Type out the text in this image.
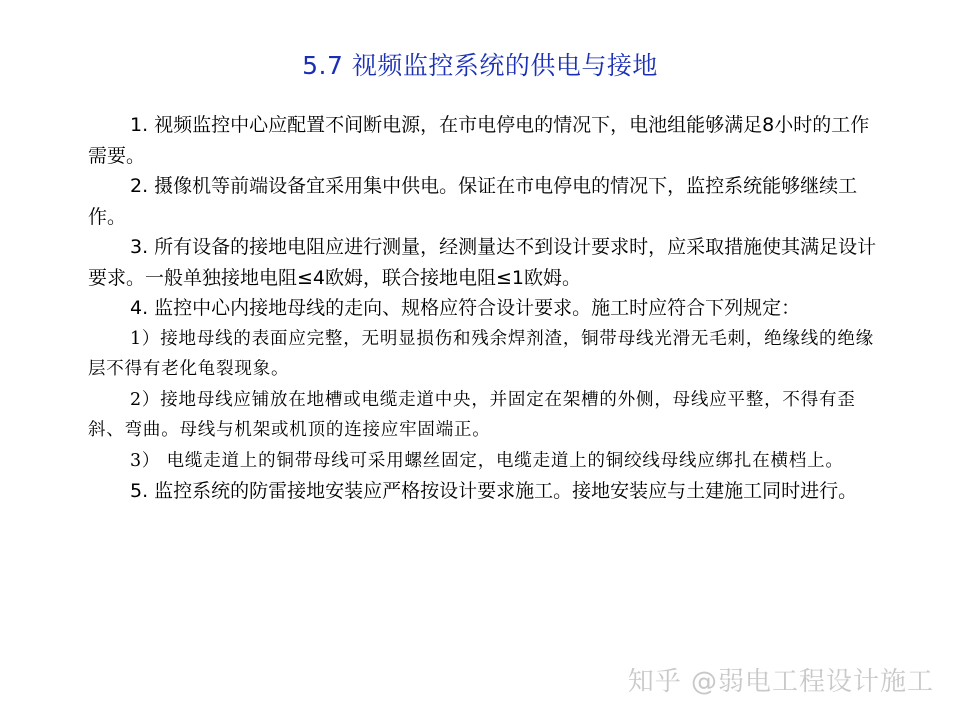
5.7 视频监控系统的供电与接地

1. 视频监控中心应配置不间断电源，在市电停电的情况下，电池组能够满足8小时的工作需要。

2. 摄像机等前端设备宜采用集中供电。保证在市电停电的情况下，监控系统能够继续工作。

3. 所有设备的接地电阻应进行测量，经测量达不到设计要求时，应采取措施使其满足设计要求。一般单独接地电阻≤4欧姆，联合接地电阻≤1欧姆。

4. 监控中心内接地母线的走向、规格应符合设计要求。施工时应符合下列规定：

1）接地母线的表面应完整，无明显损伤和残余焊剂渣，铜带母线光滑无毛刺，绝缘线的绝缘层不得有老化龟裂现象。

2）接地母线应铺放在地槽或电缆走道中央，并固定在架槽的外侧，母线应平整，不得有歪斜、弯曲。母线与机架或机顶的连接应牢固端正。

3） 电缆走道上的铜带母线可采用螺丝固定，电缆走道上的铜绞线母线应绑扎在横档上。

5. 监控系统的防雷接地安装应严格按设计要求施工。接地安装应与土建施工同时进行。

知乎 @弱电工程设计施工
